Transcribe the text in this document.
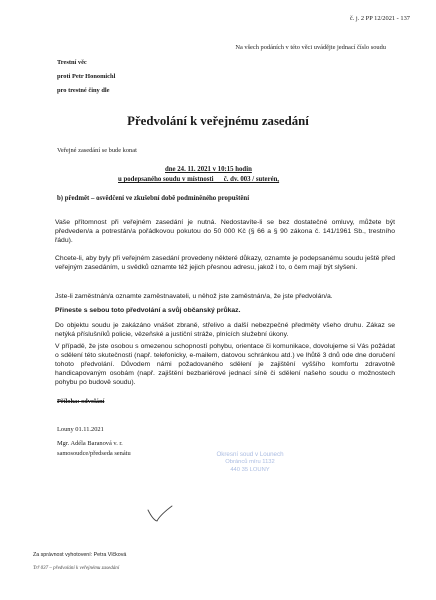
č. j. 2 PP 12/2021 - 137
Na všech podáních v této věci uvádějte jednací číslo soudu
Trestní věc
proti Petr Honomichl
pro trestné činy dle
Předvolání k veřejnému zasedání
Veřejné zasedání se bude konat
dne 24. 11. 2021 v 10:15 hodin
u podepsaného soudu v místnosti      č. dv. 003 / suterén,
b) předmět – osvědčení ve zkušební době podmíněného propuštění
Vaše přítomnost při veřejném zasedání je nutná. Nedostavíte-li se bez dostatečné omluvy, můžete být předveden/a a potrestán/a pořádkovou pokutou do 50 000 Kč (§ 66 a § 90 zákona č. 141/1961 Sb., trestního řádu).
Chcete-li, aby byly při veřejném zasedání provedeny některé důkazy, oznamte je podepsanému soudu ještě před veřejným zasedáním, u svědků oznamte též jejich přesnou adresu, jakož i to, o čem mají být slyšeni.
Jste-li zaměstnán/a oznamte zaměstnavateli, u něhož jste zaměstnán/a, že jste předvolán/a.
Přineste s sebou toto předvolání a svůj občanský průkaz.
Do objektu soudu je zakázáno vnášet zbraně, střelivo a další nebezpečné předměty všeho druhu. Zákaz se netýká příslušníků policie, vězeňské a justiční stráže, plnících služební úkony.
V případě, že jste osobou s omezenou schopností pohybu, orientace či komunikace, dovolujeme si Vás požádat o sdělení této skutečnosti (např. telefonicky, e-mailem, datovou schránkou atd.) ve lhůtě 3 dnů ode dne doručení tohoto předvolání. Důvodem námi požadovaného sdělení je zajištění vyššího komfortu zdravotně handicapovaným osobám (např. zajištění bezbariérové jednací síně či sdělení našeho soudu o možnostech pohybu po budově soudu).
Příloha: odvolání
Louny 01.11.2021
Mgr. Adéla Baranová v. r.
samosoudce/předseda senátu	Okresní soud v Lounech
Obránců míru 1132
440 35 LOUNY
Za správnost vyhotovení: Petra Vlčková
Trř 037 – předvolání k veřejnému zasedání
